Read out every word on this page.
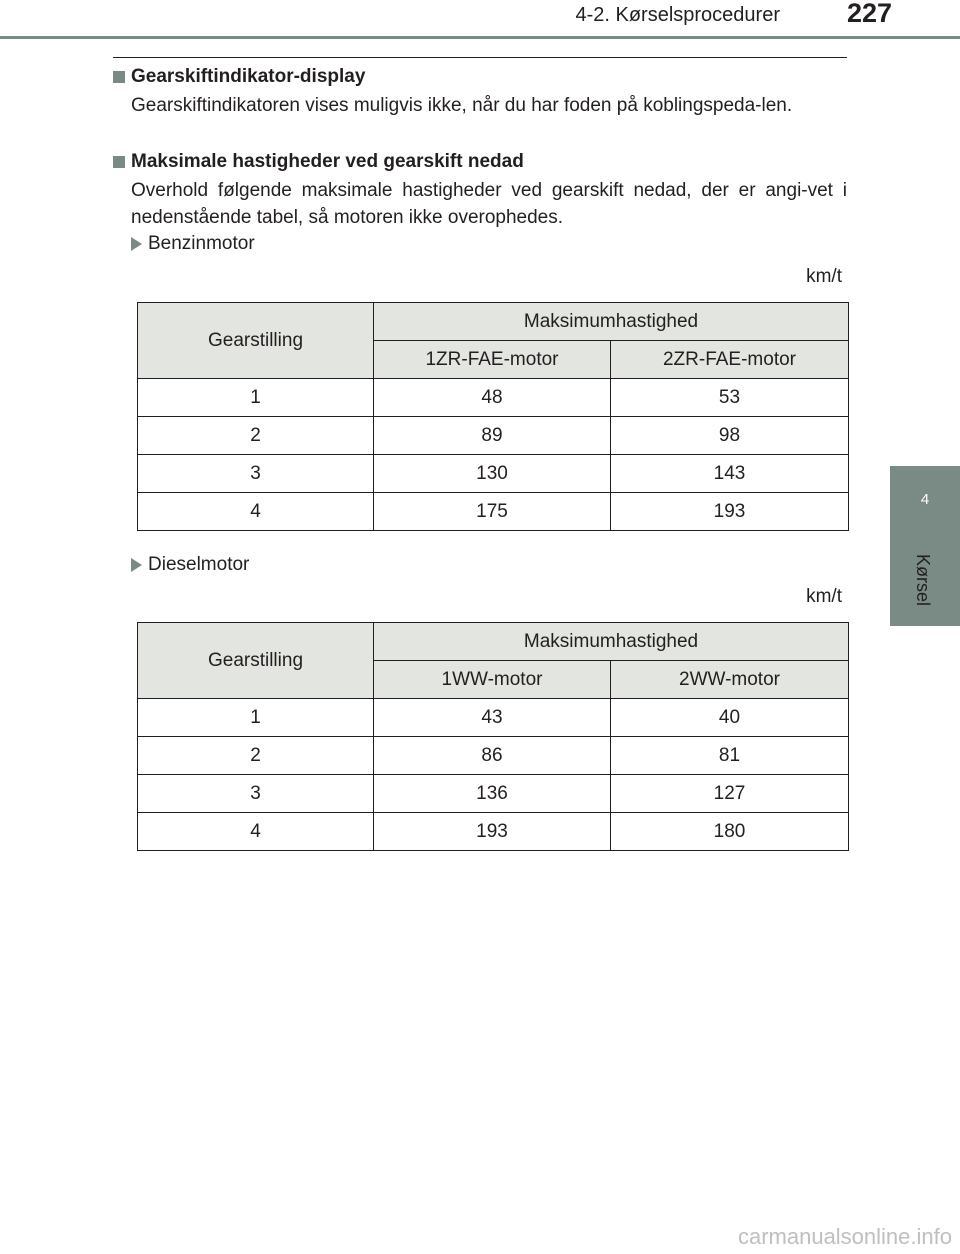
4-2. Kørselsprocedurer 227
4
Kørsel
Gearskiftindikator-display
Gearskiftindikatoren vises muligvis ikke, når du har foden på koblingspeda-len.
Maksimale hastigheder ved gearskift nedad
Overhold følgende maksimale hastigheder ved gearskift nedad, der er angi-vet i nedenstående tabel, så motoren ikke overophedes.
Benzinmotor
km/t
Gearstilling	Maksimumhastighed	
	1ZR-FAE-motor	2ZR-FAE-motor
1	48	53
2	89	98
3	130	143
4	175	193
Dieselmotor
km/t
Gearstilling	Maksimumhastighed	
	1WW-motor	2WW-motor
1	43	40
2	86	81
3	136	127
4	193	180
carmanualsonline.info
